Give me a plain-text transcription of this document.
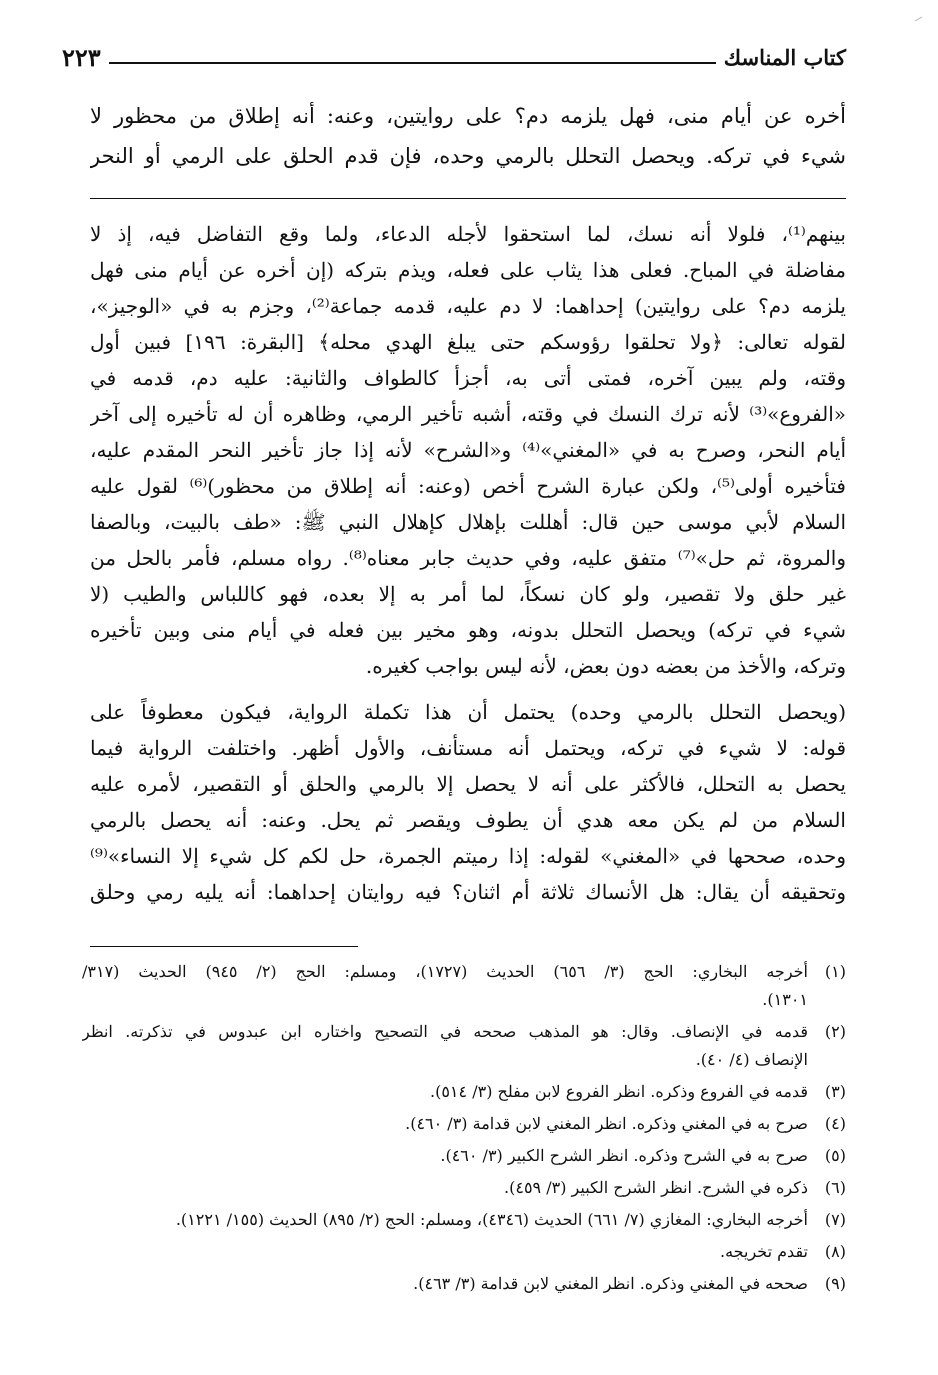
كتاب المناسك
٢٢٣
أخره عن أيام منى، فهل يلزمه دم؟ على روايتين، وعنه: أنه إطلاق من محظور لا
شيء في تركه. ويحصل التحلل بالرمي وحده، فإن قدم الحلق على الرمي أو النحر
بينهم⁽¹⁾، فلولا أنه نسك، لما استحقوا لأجله الدعاء، ولما وقع التفاضل فيه، إذ لا
مفاضلة في المباح. فعلى هذا يثاب على فعله، ويذم بتركه (إن أخره عن أيام منى فهل
يلزمه دم؟ على روايتين) إحداهما: لا دم عليه، قدمه جماعة⁽²⁾، وجزم به في «الوجيز»،
لقوله تعالى: ﴿ولا تحلقوا رؤوسكم حتى يبلغ الهدي محله﴾ [البقرة: ١٩٦] فبين أول
وقته، ولم يبين آخره، فمتى أتى به، أجزأ كالطواف والثانية: عليه دم، قدمه في
«الفروع»⁽³⁾ لأنه ترك النسك في وقته، أشبه تأخير الرمي، وظاهره أن له تأخيره إلى آخر
أيام النحر، وصرح به في «المغني»⁽⁴⁾ و«الشرح» لأنه إذا جاز تأخير النحر المقدم عليه،
فتأخيره أولى⁽⁵⁾، ولكن عبارة الشرح أخص (وعنه: أنه إطلاق من محظور)⁽⁶⁾ لقول عليه
السلام لأبي موسى حين قال: أهللت بإهلال كإهلال النبي ﷺ: «طف بالبيت، وبالصفا
والمروة، ثم حل»⁽⁷⁾ متفق عليه، وفي حديث جابر معناه⁽⁸⁾. رواه مسلم، فأمر بالحل من
غير حلق ولا تقصير، ولو كان نسكاً، لما أمر به إلا بعده، فهو كاللباس والطيب (لا
شيء في تركه) ويحصل التحلل بدونه، وهو مخير بين فعله في أيام منى وبين تأخيره
وتركه، والأخذ من بعضه دون بعض، لأنه ليس بواجب كغيره.
(ويحصل التحلل بالرمي وحده) يحتمل أن هذا تكملة الرواية، فيكون معطوفاً على
قوله: لا شيء في تركه، ويحتمل أنه مستأنف، والأول أظهر. واختلفت الرواية فيما
يحصل به التحلل، فالأكثر على أنه لا يحصل إلا بالرمي والحلق أو التقصير، لأمره عليه
السلام من لم يكن معه هدي أن يطوف ويقصر ثم يحل. وعنه: أنه يحصل بالرمي
وحده، صححها في «المغني» لقوله: إذا رميتم الجمرة، حل لكم كل شيء إلا النساء»⁽⁹⁾
وتحقيقه أن يقال: هل الأنساك ثلاثة أم اثنان؟ فيه روايتان إحداهما: أنه يليه رمي وحلق
(١)
أخرجه البخاري: الحج (٣/ ٦٥٦) الحديث (١٧٢٧)، ومسلم: الحج (٢/ ٩٤٥) الحديث (٣١٧/
١٣٠١).
(٢)
قدمه في الإنصاف. وقال: هو المذهب صححه في التصحيح واختاره ابن عبدوس في تذكرته. انظر
الإنصاف (٤/ ٤٠).
(٣)
قدمه في الفروع وذكره. انظر الفروع لابن مفلح (٣/ ٥١٤).
(٤)
صرح به في المغني وذكره. انظر المغني لابن قدامة (٣/ ٤٦٠).
(٥)
صرح به في الشرح وذكره. انظر الشرح الكبير (٣/ ٤٦٠).
(٦)
ذكره في الشرح. انظر الشرح الكبير (٣/ ٤٥٩).
(٧)
أخرجه البخاري: المغازي (٧/ ٦٦١) الحديث (٤٣٤٦)، ومسلم: الحج (٢/ ٨٩٥) الحديث (١٥٥/ ١٢٢١).
(٨)
تقدم تخريجه.
(٩)
صححه في المغني وذكره. انظر المغني لابن قدامة (٣/ ٤٦٣).
